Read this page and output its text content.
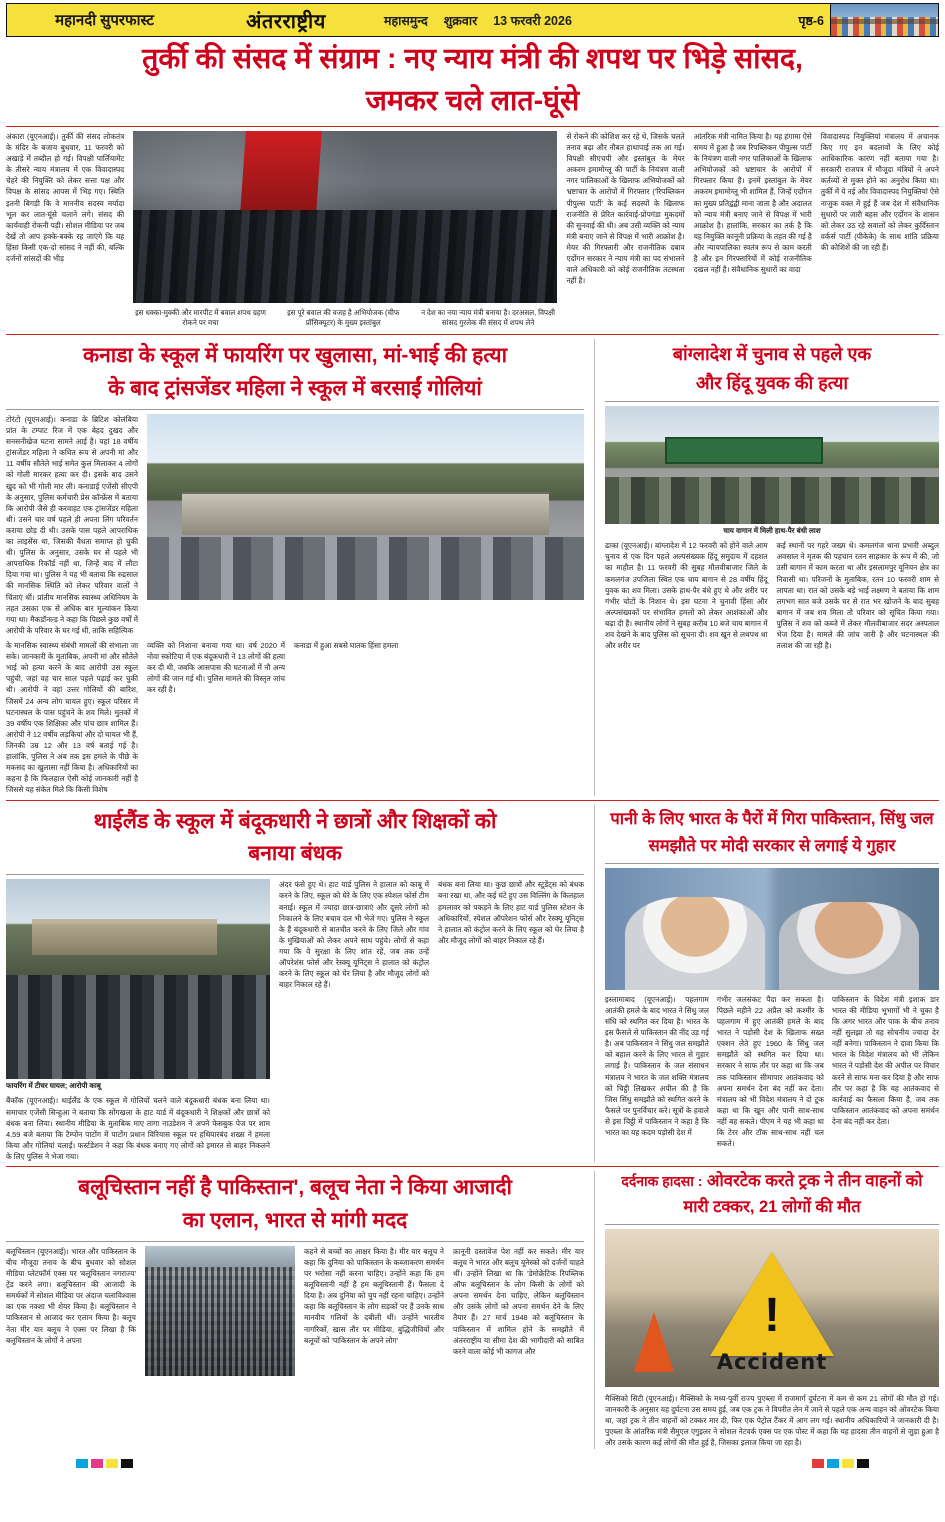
महानदी सुपरफास्ट	अंतरराष्ट्रीय	महासमुन्द शुक्रवार 13 फरवरी 2026	पृष्ठ-6
तुर्की की संसद में संग्राम : नए न्याय मंत्री की शपथ पर भिड़े सांसद,
जमकर चले लात-घूंसे
अंकारा (यूएनआई)। तुर्की की संसद लोकतंत्र के मंदिर के बजाय बुधवार, 11 फरवरी को अखाड़े में तब्दील हो गई। विपक्षी पार्लियामेंट के तीसरे न्याय मंत्रालय में एक विवादास्पद चेहरे की नियुक्ति को लेकर सत्ता पक्ष और विपक्ष के सांसद आपस में भिड़ गए। स्थिति इतनी बिगड़ी कि वे माननीय सदस्य मर्यादा भूल कर लात-घूंसे चलाने लगे। संसद की कार्यवाही रोकनी पड़ी। सोशल मीडिया पर जब देखें तो आप हक्के-बक्के रह जाएंगे कि यह हिंसा किसी एक-दो सांसद ने नहीं की, बल्कि दर्जनों सांसदों की भीड़
इस धक्का-मुक्की और मारपीट में बवाल शपथ ग्रहण रोकने पर मचा
इस पूरे बवाल की वजह है अभियोजक (चीफ प्रॉसिक्यूटर) के मुख्य इस्तांबुल
न देश का नया न्याय मंत्री बनाया है। दरअसल, विपक्षी सांसद गुरलेक की संसद में शपथ लेने
से रोकने की कोशिश कर रहे थे, जिसके चलते तनाव बढ़ा और नौबत हाथापाई तक आ गई। विपक्षी सीएचपी और इस्तांबुल के मेयर अकरम इमामोग्लू की पार्टी के नियंत्रण वाली नगर पालिकाओं के खिलाफ अभियोजकों को भ्रष्टाचार के आरोपों में गिरफ्तार ('रिपब्लिकन पीपुल्स पार्टी' के कई सदस्यों के खिलाफ राजनीति से प्रेरित कार्रवाई-प्रोपगंडा मुकदमों की सुनवाई की थी। अब उसी व्यक्ति को न्याय मंत्री बनाए जाने से विपक्ष में भारी आक्रोश है। मेयर की गिरफ्तारी और राजनीतिक दबाव एर्दोगन सरकार ने न्याय मंत्री का पद संभालने वाले अधिकारी को कोई राजनीतिक तटस्थता नहीं है।
आंतरिक मंत्री नामित किया है। यह हंगामा ऐसे समय में हुआ है जब रिपब्लिकन पीपुल्स पार्टी के नियंत्रण वाली नगर पालिकाओं के खिलाफ अभियोजकों को भ्रष्टाचार के आरोपों में गिरफ्तार किया है। इनमें इस्तांबुल के मेयर अकरम इमामोग्लू भी शामिल हैं, जिन्हें एर्दोगन का मुख्य प्रतिद्वंद्वी माना जाता है और अदालत को न्याय मंत्री बनाए जाने से विपक्ष में भारी आक्रोश है। हालांकि, सरकार का तर्क है कि यह नियुक्ति कानूनी प्रक्रिया के तहत की गई है और न्यायपालिका स्वतंत्र रूप से काम करती है और इन गिरफ्तारियों में कोई राजनीतिक दखल नहीं है। संवैधानिक सुधारों का वादा
विवादास्पद नियुक्तियां मंत्रालय में अचानक किए गए इन बदलावों के लिए कोई आधिकारिक कारण नहीं बताया गया है। सरकारी राजपत्र में मौजूदा मंत्रियों ने अपने कर्तव्यों से मुक्त होने का अनुरोध किया था। तुर्की में ये नई और विवादास्पद नियुक्तियां ऐसे नाजुक वक्त में हुई हैं जब देश में संवैधानिक सुधारों पर जारी बहस और एर्दोगन के शासन को लेकर उठ रहे सवालों को लेकर कुर्दिस्तान वर्कर्स पार्टी (पीकेके) के साथ शांति प्रक्रिया की कोशिशें की जा रही हैं।
कनाडा के स्कूल में फायरिंग पर खुलासा, मां-भाई की हत्या
के बाद ट्रांसजेंडर महिला ने स्कूल में बरसाईं गोलियां
टोरंटो (यूएनआई)। कनाडा के ब्रिटिश कोलंबिया प्रांत के टम्पाट रिज में एक बेहद दुखद और सनसनीखेज घटना सामने आई है। यहां 18 वर्षीय ट्रांसजेंडर महिला ने कथित रूप से अपनी मां और 11 वर्षीय सौतेले भाई समेत कुल मिलाकर 4 लोगों को गोली मारकर हत्या कर दी। इसके बाद उसने खुद को भी गोली मार ली। कनाडाई एजेंसी सीएपी के अनुसार, पुलिस कर्मचारी प्रेस कॉन्फ्रेंस में बताया कि आरोपी जैसे ही करवाहट एक ट्रांसजेंडर महिला थी। उसने चार वर्ष पहले ही अपना लिंग परिवर्तन कराया छोड़ दी थी। उसके पास पहले आपराधिक का लाइसेंस था, जिसकी वैधता समाप्त हो चुकी थी। पुलिस के अनुसार, उसके घर से पहले भी आपराधिक रिकॉर्ड नहीं था, जिन्हें बाद में लौटा दिया गया था। पुलिस ने यह भी बताया कि रुद्रसाल की मानसिक स्थिति को लेकर परिवार वालों ने चिंताएं थीं। प्रांतीय मानसिक स्वास्थ्य अधिनियम के तहत उसका एक से अधिक बार मूल्यांकन किया गया था। मैकडॉनल्ड ने कहा कि पिछले कुछ वर्षों में आरोपी के परिवार के घर गई थी, ताकि सहित्यिक
के मानसिक स्वास्थ्य संबंधी मामलों की संभाला जा सके। जानकारी के मुताबिक, अपनी मां और सौतेले भाई को हत्या करने के बाद आरोपी उस स्कूल पहुंची, जहां वह चार साल पहले पढ़ाई कर चुकी थी। आरोपी ने वहां उत्तर गोलियों की बारिश, जिसमें 24 अन्य लोग घायल हुए। स्कूल परिसर में घटनास्थल के पास पहुंचने के शव मिले। मुतकों में 39 वर्षीय एक शिक्षिका और पांच छात्र शामिल हैं। आरोपी ने 12 वर्षीय लड़कियां और दो घायल भी हैं, जिनकी उम्र 12 और 13 वर्ष बताई गई है। हालांकि, पुलिस ने अब तक इस हमले के पीछे के मकसद का खुलासा नहीं किया है। अधिकारियों का कहना है कि फिलहाल ऐसी कोई जानकारी नहीं है जिससे यह संकेत मिले कि किसी विशेष
व्यक्ति को निशाना बनाया गया था। वर्ष 2020 में नोवा स्कोटिया में एक बंदूकधारी ने 13 लोगों की हत्या कर दी थी, जबकि आसपास की घटनाओं में नौ अन्य लोगों की जान गई थी। पुलिस मामले की विस्तृत जांच कर रही है।
कनाडा में हुआ सबसे घातक हिंसा हमला
बांग्लादेश में चुनाव से पहले एक
और हिंदू युवक की हत्या
चाय वागान में मिली हाथ-पैर बंधी लाश
ढाका (यूएनआई)। बांग्लादेश में 12 फरवरी को होने वाले आम चुनाव से एक दिन पहले अल्पसंख्यक हिंदू समुदाय में दहशत का माहौल है। 11 फरवरी की सुबह मौलवीबाजार जिले के कमलगंज उपजिला स्थित एक चाय बागान से 28 वर्षीय हिंदू युवक का शव मिला। उसके हाथ-पैर बंधे हुए थे और शरीर पर गंभीर चोटों के निशान थे। इस घटना ने चुनावी हिंसा और अल्पसंख्यकों पर संभावित हमलों को लेकर आशंकाओं और बढ़ा दी हैं। स्थानीय लोगों ने सुबह करीब 10 बजे चाय बागान में शव देखने के बाद पुलिस को सूचना दी। शव खून से लथपथ था और शरीर पर
कई स्थानों पर गहरे जख्म थे। कमलगंज थाना प्रभारी अब्दुल अवसाल ने मृतक की पहचान रतन साहकार के रूप में की, जो उसी बागान में काम करता था और इसलामपुर यूनियन क्षेत्र का निवासी था। परिजनों के मुताबिक, रतन 10 फरवरी शाम से लापता था। रात को उसके बड़े भाई लक्ष्मण ने बताया कि शाम लगभग सात बजे उसके घर से रात भर खोजने के बाद सुबह बागान में जब शव मिला तो परिवार को सूचित किया गया। पुलिस ने शव को कब्जे में लेकर मौलवीबाजार सदर अस्पताल भेज दिया है। मामले की जांच जारी है और घटनास्थल की तलाश की जा रही है।
थाईलैंड के स्कूल में बंदूकधारी ने छात्रों और शिक्षकों को
बनाया बंधक
फायरिंग में टीचर घायल; आरोपी काबू
बैंकॉक (यूएनआई)। थाईलैंड के एक स्कूल में गोलियों चलने वाले बंदूकधारी बंधक बना लिया था। समाचार एजेंसी सिन्हुआ ने बताया कि सोंगखला के हाट यार्ड में बंदूकधारी ने शिक्षकों और छात्रों को बंधक बना लिया। स्थानीय मीडिया के मुताबिक माए तागा नाउडेशन ने अपने फेसबुक पेज पर शाम 4.59 बजे बताया कि टैम्पोन पाटोंग में पाटोंग प्रधान विरियास स्कूल पर हथियारबंद शख्स ने हमला किया और गोलियां चलाईं। फर्स्टडेशन ने कहा कि बंधक बनाए गए लोगों को इमारत से बाहर निकलने के लिए पुलिस ने भेजा गया।
अंदर फंसे हुए थे। हाट यार्ड पुलिस ने हालात को काबू में करने के लिए, स्कूल को घेरे के लिए एक स्पेशल फोर्स टीम बनाई। स्कूल में ज्यादा छात्र-छात्राएं और दूसरे लोगों को निकालने के लिए बचाव दल भी भेजे गए। पुलिस ने स्कूल के हैं बंदूकधारी से बातचीत करने के लिए जिले और गांव के मुखियाओं को लेकर अपने साथ पहुंचे। लोगों से कहा गया कि वे सुरक्षा के लिए शांत रहें, जब तक उन्हें ऑपरेशंस फोर्स और रेस्क्यू यूनिट्स ने हालात को कंट्रोल करने के लिए स्कूल को घेर लिया है और मौजूद लोगों को बाहर निकाल रहे हैं।
बंधक बना लिया था। कुछ छात्रों और स्टूडेंट्स को बंधक बना रखा था, और कई घंटे हुए उस विल्लिंग के किलहाल हमलावर को पकड़ने के लिए हाट यार्ड पुलिस स्टेशन के अधिकारियों, स्पेशल ऑपरेशन फोर्स और रेस्क्यू यूनिट्स ने हालात को कंट्रोल करने के लिए स्कूल को घेर लिया है और मौजूद लोगों को बाहर निकाल रहे हैं।
पानी के लिए भारत के पैरों में गिरा पाकिस्तान, सिंधु जल
समझौते पर मोदी सरकार से लगाई ये गुहार
इस्लामाबाद (यूएनआई)। पहलगाम आतंकी हमले के बाद भारत ने सिंधु जल संधि को स्थगित कर दिया है। भारत के इस फैसले से पाकिस्तान की नींद उड़ गई है। अब पाकिस्तान ने सिंधु जल समझौते को बहाल करने के लिए भारत से गुहार लगाई है। पाकिस्तान के जल संसाधन मंत्रालय ने भारत के जल शक्ति मंत्रालय को चिट्ठी लिखकर अपील की है कि जिस सिंधु समझौते को स्थगित करने के फैसले पर पुनर्विचार करे। सूत्रों के हवाले से इस चिट्ठी में पाकिस्तान ने कहा है कि भारत का यह कदम पड़ोसी देश में
गंभीर जलसंकट पैदा कर सकता है। पिछले महीने 22 अप्रैल को कश्मीर के पहलगाम में हुए आतंकी हमले के बाद भारत ने पड़ोसी देश के खिलाफ सख्त एक्शन लेते हुए 1960 के सिंधु जल समझौते को स्थगित कर दिया था। सरकार ने साफ तौर पर कहा था कि जब तक पाकिस्तान सीमापार आतंकवाद को अपना समर्थन देना बंद नहीं कर देता। मंत्रालय को भी विदेश मंत्रालय ने दो टूक कहा था कि खून और पानी साथ-साथ नहीं बह सकते। पीएम ने यह भी कहा था कि टेरर और टॉक साथ-साथ नहीं चल सकते।
पाकिस्तान के विदेश मंत्री इशाक डार भारत की मीडिया भूभागों भी ने चुका है कि अगर भारत और पाक के बीच तनाव नहीं सुलझा तो यह सोचनीय ज्यादा देर नहीं बनेगा। पाकिस्तान ने दावा किया कि भारत के विदेश मंत्रालय को भी लेकिन भारत ने पड़ोसी देश की अपील पर विचार करने से साफ मना कर दिया है और साफ तौर पर कहा है कि यह आतंकवाद से कार्रवाई का फैसला किया है, जब तक पाकिस्तान आतंकवाद को अपना समर्थन देना बंद नहीं कर देता।
बलूचिस्तान नहीं है पाकिस्तान', बलूच नेता ने किया आजादी
का एलान, भारत से मांगी मदद
बलूचिस्तान (यूएनआई)। भारत और पाकिस्तान के बीच मौजूदा तनाव के बीच बुधवार को सोशल मीडिया प्लेटफॉर्म एक्स पर 'बलूचिस्तान नगराज्य' ट्रेंड करने लगा। बलूचिस्तान की आजादी के समर्थकों में सोशल मीडिया पर अंदाज चलाविश्वास का एक नक्शा भी शेयर किया है। बलूचिस्तान ने पाकिस्तान से आजाद कर एलान किया है। बलूच नेता मीर यार बलूच ने एक्स पर लिखा है कि बलूचिस्तान के लोगों ने अपना
कहने से बच्चों का आक्षर किया है। मीर यार बलूच ने कहा कि दुनिया को पाकिस्तान के कब्जाकरण समर्थन पर भरोसा नहीं करना चाहिए। उन्होंने कहा कि हम बलूचिस्तानी नहीं हैं हम बलूचिस्तानी हैं। फैसला दे दिया है। अब दुनिया को चुप नहीं रहना चाहिए। उन्होंने कहा कि बलूचिस्तान के लोग सड़कों पर हैं उनके साथ मानवीय गलियों के दबीली थीं। उन्होंने भारतीय नागरिकों, खास तौर पर मीडिया, बुद्धिजीवियों और बलूचों को 'पाकिस्तान के अपने लोग'
क़ानूनी दस्तावेज पेश नहीं कर सकते। मीर यार बलूच ने भारत और बलूच यूनेस्को को दर्जनों चाहते थीं। उन्होंने लिखा था कि 'डेमोक्रेटिक रिपब्लिक ऑफ बलूचिस्तान के लोग किसी के लोगों को अपना समर्थन देना चाहिए, लेकिन बलूचिस्तान और उसके लोगों को अपना समर्थन देने के लिए तैयार हैं। 27 मार्च 1948 को बलूचिस्तान के पाकिस्तान में शामिल होने के समझौते में अंतरराष्ट्रीय या सीमा देश की भागीदारी को साबित करने वाला कोई भी कागज और
दर्दनाक हादसा : ओवरटेक करते ट्रक ने तीन वाहनों को
मारी टक्कर, 21 लोगों की मौत
!
Accident
मैक्सिको सिटी (यूएनआई)। मैक्सिको के मध्य-पूर्वी राज्य पुएब्ला में राजमार्ग दुर्घटना में कम से कम 21 लोगों की मौत हो गई। जानकारी के अनुसार यह दुर्घटना उस समय हुई, जब एक ट्रक ने विपरीत लेन में जाने से पहले एक अन्य वाहन को ओवरटेक किया था, जहां ट्रक ने तीन वाहनों को टक्कर मार दी, फिर एक पेट्रोल टैंकर में आग लग गई। स्थानीय अधिकारियों ने जानकारी दी है। पुएब्ला के आंतरिक मंत्री सैमुएल एगुइलर ने सोशल नेटवर्क एक्स पर एक पोस्ट में कहा कि यह हादसा तीन वाहनों से जुड़ा हुआ है और उसके कारण कई लोगों की मौत हुई है, जिसका इलाज किया जा रहा है।
